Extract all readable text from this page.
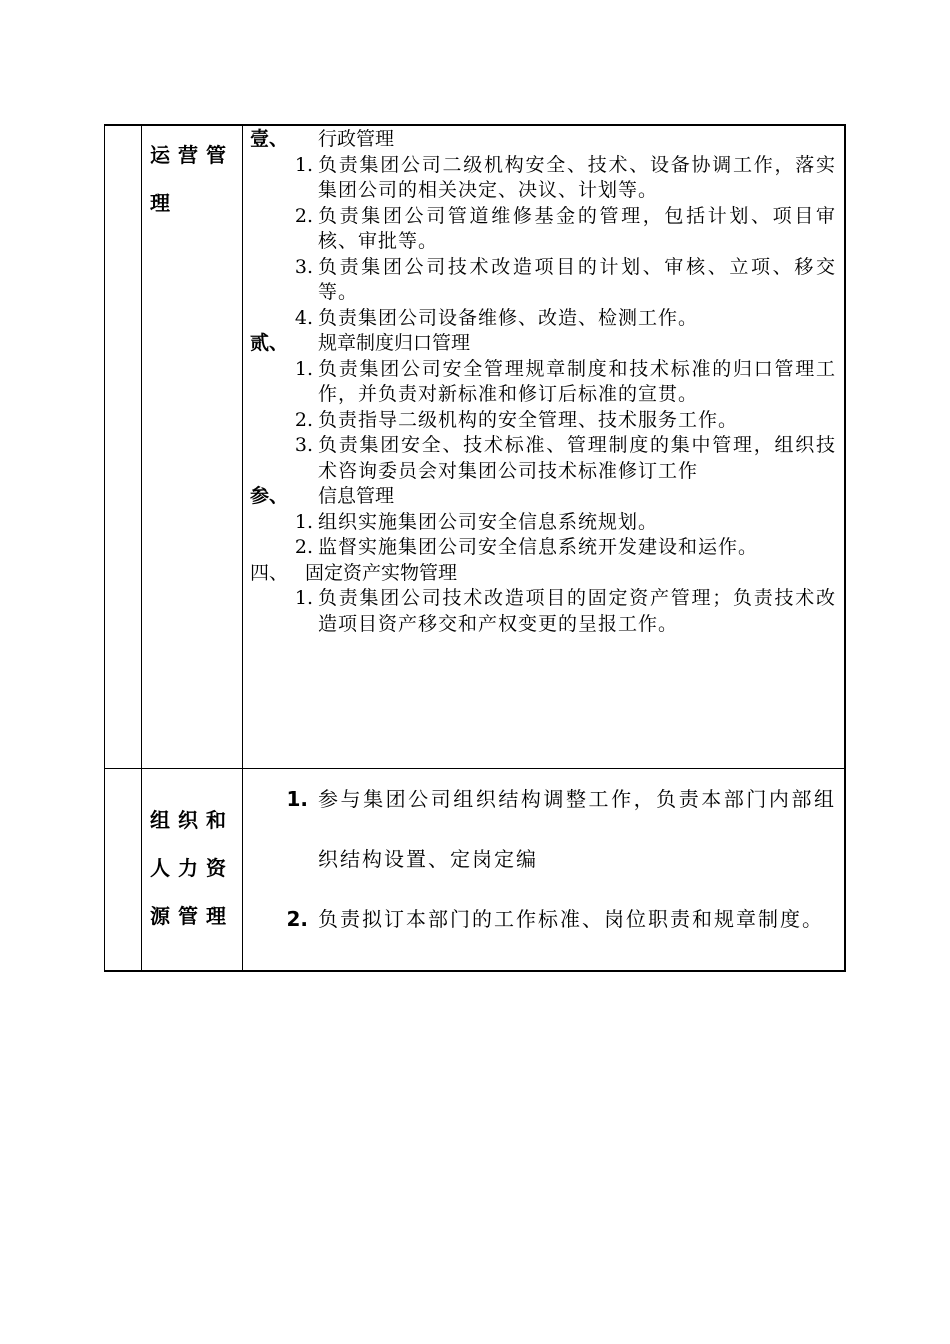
运营管理
壹、	行政管理
1. 负责集团公司二级机构安全、技术、设备协调工作，落实集团公司的相关决定、决议、计划等。
2. 负责集团公司管道维修基金的管理，包括计划、项目审核、审批等。
3. 负责集团公司技术改造项目的计划、审核、立项、移交等。
4. 负责集团公司设备维修、改造、检测工作。
贰、	规章制度归口管理
1. 负责集团公司安全管理规章制度和技术标准的归口管理工作，并负责对新标准和修订后标准的宣贯。
2. 负责指导二级机构的安全管理、技术服务工作。
3. 负责集团安全、技术标准、管理制度的集中管理，组织技术咨询委员会对集团公司技术标准修订工作
参、	信息管理
1. 组织实施集团公司安全信息系统规划。
2. 监督实施集团公司安全信息系统开发建设和运作。
四、 固定资产实物管理
1. 负责集团公司技术改造项目的固定资产管理；负责技术改造项目资产移交和产权变更的呈报工作。
组织和人力资源管理
1. 参与集团公司组织结构调整工作，负责本部门内部组织结构设置、定岗定编
2. 负责拟订本部门的工作标准、岗位职责和规章制度。
